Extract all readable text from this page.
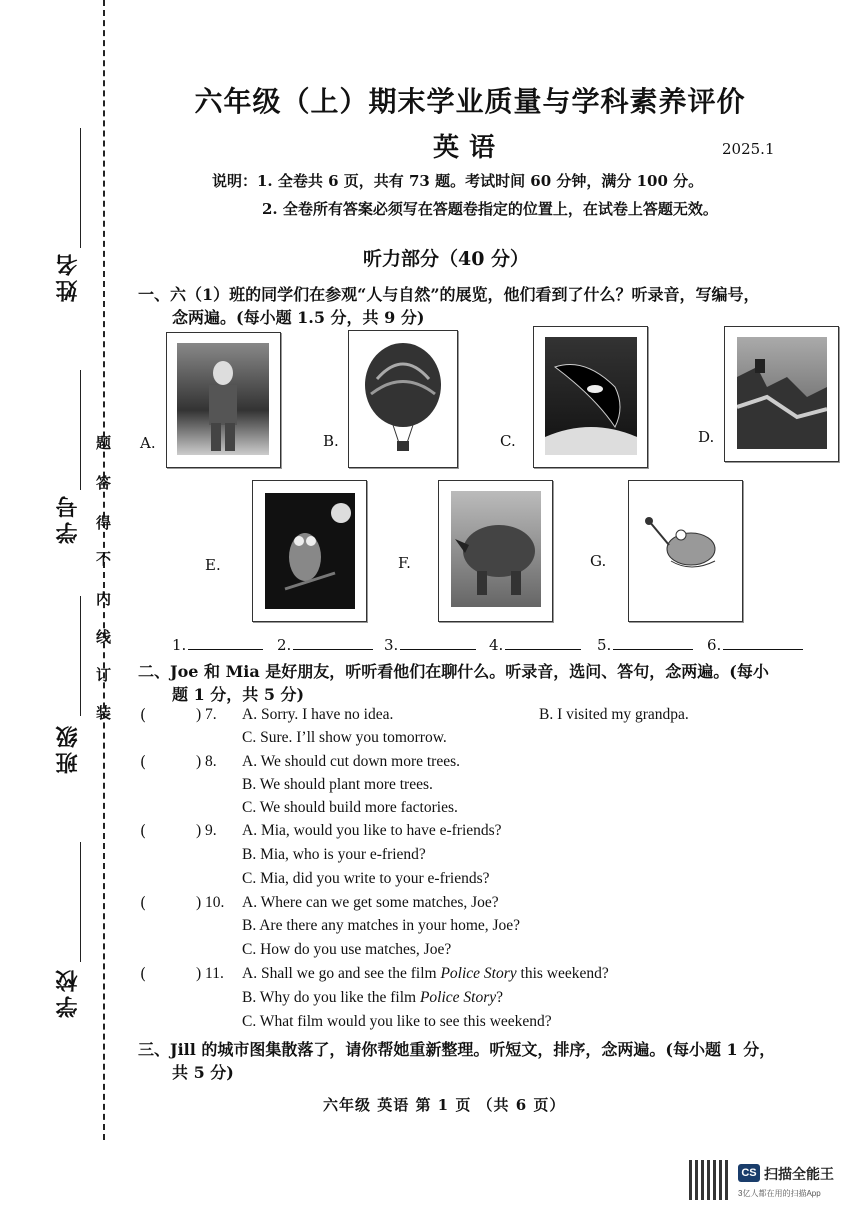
姓名
学号
班级
学校
题
答
得
不
内
线
订
装
六年级（上）期末学业质量与学科素养评价
英语	2025.1
说明：1. 全卷共 6 页，共有 73 题。考试时间 60 分钟，满分 100 分。
2. 全卷所有答案必须写在答题卷指定的位置上，在试卷上答题无效。
听力部分（40 分）
一、六（1）班的同学们在参观“人与自然”的展览，他们看到了什么？听录音，写编号，
念两遍。(每小题 1.5 分，共 9 分)
A.	B.	C.	D.
E.	F.	G.
1.	2.	3.	4.	5.	6.
二、Joe 和 Mia 是好朋友，听听看他们在聊什么。听录音，选问、答句，念两遍。(每小
题 1 分，共 5 分)
(	) 7. A. Sorry. I have no idea.	B. I visited my grandpa.
C. Sure. I’ll show you tomorrow.
(	) 8. A. We should cut down more trees.
B. We should plant more trees.
C. We should build more factories.
(	) 9. A. Mia, would you like to have e-friends?
B. Mia, who is your e-friend?
C. Mia, did you write to your e-friends?
(	) 10. A. Where can we get some matches, Joe?
B. Are there any matches in your home, Joe?
C. How do you use matches, Joe?
(	) 11. A. Shall we go and see the film Police Story this weekend?
B. Why do you like the film Police Story?
C. What film would you like to see this weekend?
三、Jill 的城市图集散落了，请你帮她重新整理。听短文，排序，念两遍。(每小题 1 分，
共 5 分)
六年级 英语 第 1 页 （共 6 页）
CS 扫描全能王
3亿人都在用的扫描App
